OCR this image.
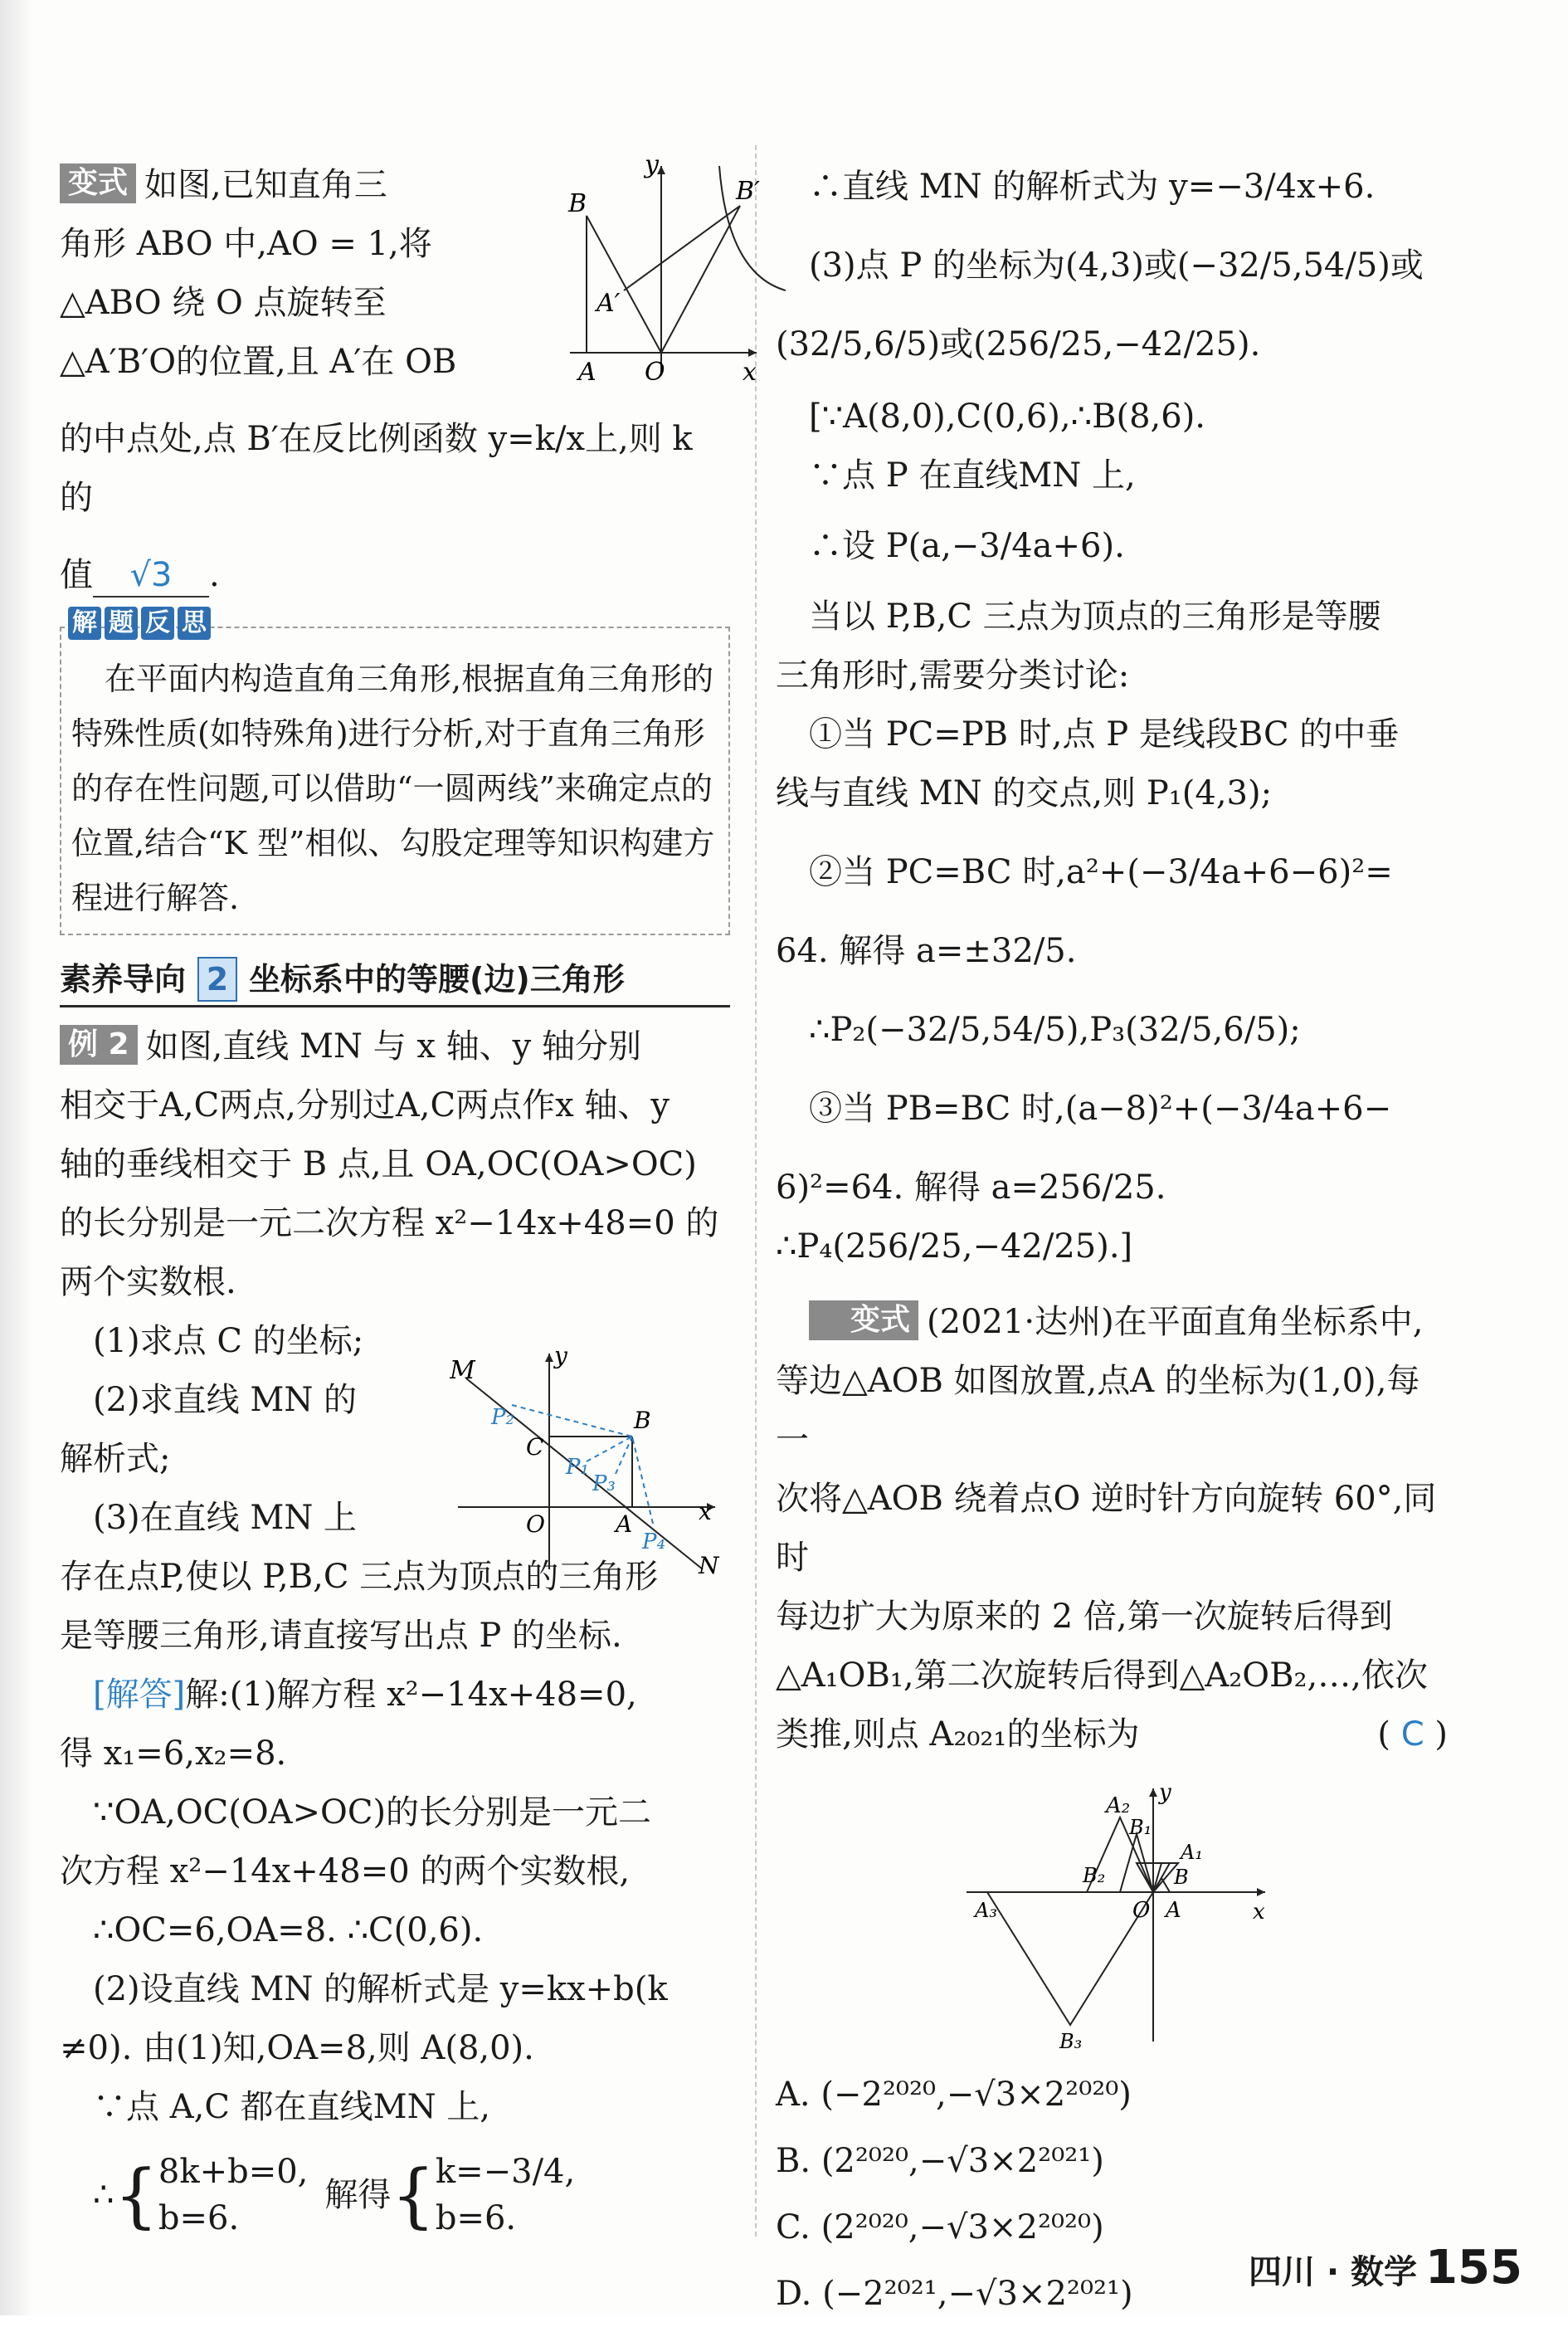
y
B	B′
A′
A O	x

变式 如图,已知直角三

角形 ABO 中,AO = 1,将

△ABO 绕 O 点旋转至

△A′B′O的位置,且 A′在 OB

的中点处,点 B′在反比例函数 y=k/x上,则 k 的

值 √3 .

解 题 反 思

在平面内构造直角三角形,根据直角三角形的特殊性质(如特殊角)进行分析,对于直角三角形的存在性问题,可以借助“一圆两线”来确定点的位置,结合“K 型”相似、勾股定理等知识构建方程进行解答.

素养导向 2 坐标系中的等腰(边)三角形

例 2 如图,直线 MN 与 x 轴、y 轴分别

相交于A,C两点,分别过A,C两点作x 轴、y

轴的垂线相交于 B 点,且 OA,OC(OA>OC)

的长分别是一元二次方程 x²−14x+48=0 的

两个实数根.

(1)求点 C 的坐标;

(2)求直线 MN 的

解析式;

(3)在直线 MN 上

存在点P,使以 P,B,C 三点为顶点的三角形

是等腰三角形,请直接写出点 P 的坐标.

M
y
P₂	B
C
P₁
P₃
O	A	x
P₄
N

[解答]解:(1)解方程 x²−14x+48=0,

得 x₁=6,x₂=8.

∵OA,OC(OA>OC)的长分别是一元二

次方程 x²−14x+48=0 的两个实数根,

∴OC=6,OA=8. ∴C(0,6).

(2)设直线 MN 的解析式是 y=kx+b(k

≠0). 由(1)知,OA=8,则 A(8,0).

∵点 A,C 都在直线MN 上,

∴ { 8k+b=0,
b=6.
解得 { k=−3/4,
b=6.

∴直线 MN 的解析式为 y=−3/4x+6.

(3)点 P 的坐标为(4,3)或(−32/5,54/5)或

(32/5,6/5)或(256/25,−42/25).

[∵A(8,0),C(0,6),∴B(8,6).

∵点 P 在直线MN 上,

∴设 P(a,−3/4a+6).

当以 P,B,C 三点为顶点的三角形是等腰

三角形时,需要分类讨论:

①当 PC=PB 时,点 P 是线段BC 的中垂

线与直线 MN 的交点,则 P₁(4,3);

②当 PC=BC 时,a²+(−3/4a+6−6)²=

64. 解得 a=±32/5.

∴P₂(−32/5,54/5),P₃(32/5,6/5);

③当 PB=BC 时,(a−8)²+(−3/4a+6−

6)²=64. 解得 a=256/25. ∴P₄(256/25,−42/25).]

变式 (2021·达州)在平面直角坐标系中,

等边△AOB 如图放置,点A 的坐标为(1,0),每一

次将△AOB 绕着点O 逆时针方向旋转 60°,同时

每边扩大为原来的 2 倍,第一次旋转后得到

△A₁OB₁,第二次旋转后得到△A₂OB₂,…,依次

类推,则点 A₂₀₂₁的坐标为	( C )

A₂
y
B₁
A₁
B₂	B
A₃	O A	x
B₃

A. (−2²⁰²⁰,−√3×2²⁰²⁰)

B. (2²⁰²⁰,−√3×2²⁰²¹)

C. (2²⁰²⁰,−√3×2²⁰²⁰)

D. (−2²⁰²¹,−√3×2²⁰²¹)

四川 · 数学 155
